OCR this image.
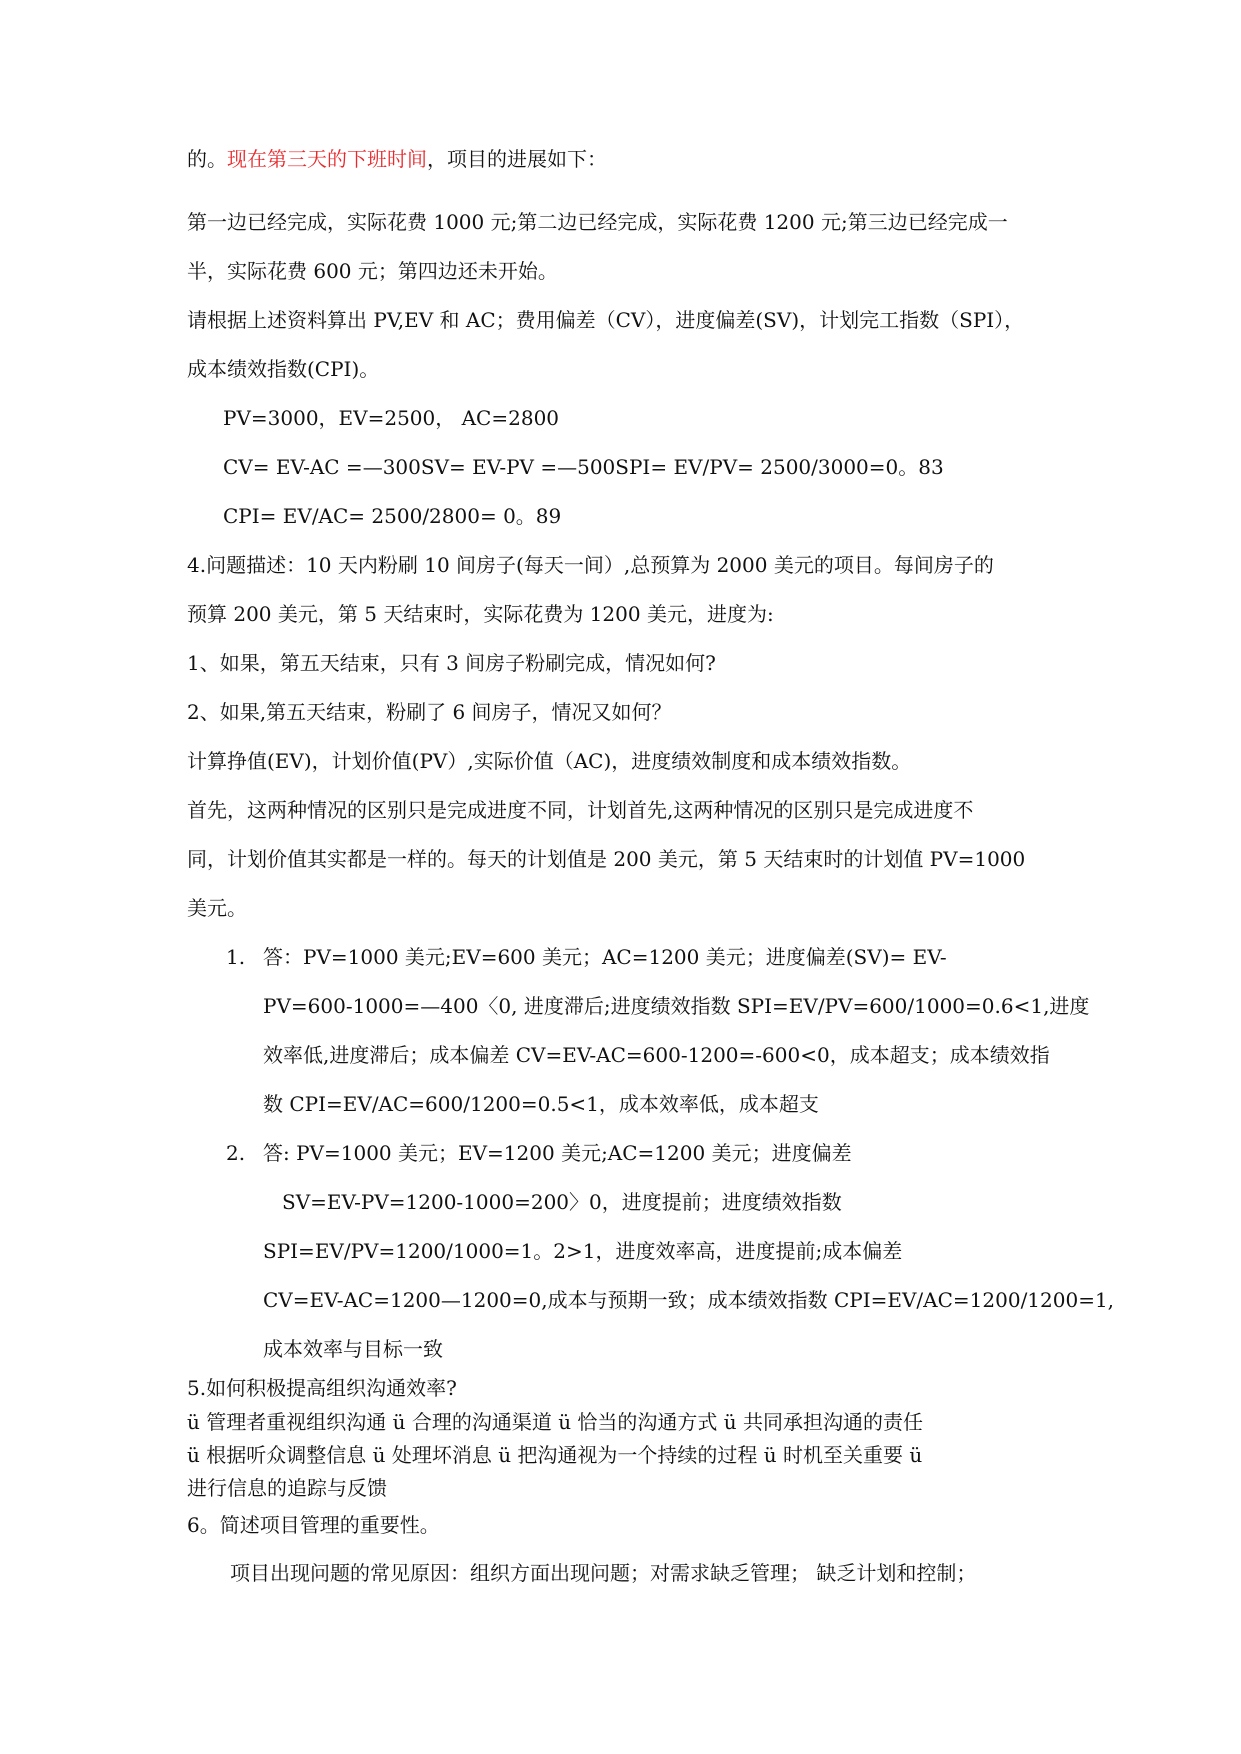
的。现在第三天的下班时间，项目的进展如下：
第一边已经完成，实际花费 1000 元;第二边已经完成，实际花费 1200 元;第三边已经完成一
半，实际花费 600 元；第四边还未开始。
请根据上述资料算出 PV,EV 和 AC；费用偏差（CV），进度偏差(SV)，计划完工指数（SPI），
成本绩效指数(CPI)。
PV=3000，EV=2500， AC=2800
CV= EV-AC =—300SV= EV-PV =—500SPI= EV/PV= 2500/3000=0。83
CPI= EV/AC= 2500/2800= 0。89
4.问题描述：10 天内粉刷 10 间房子(每天一间）,总预算为 2000 美元的项目。每间房子的
预算 200 美元，第 5 天结束时，实际花费为 1200 美元，进度为:
1、如果，第五天结束，只有 3 间房子粉刷完成，情况如何?
2、如果,第五天结束，粉刷了 6 间房子，情况又如何？
计算挣值(EV)，计划价值(PV）,实际价值（AC)，进度绩效制度和成本绩效指数。
首先，这两种情况的区别只是完成进度不同，计划首先,这两种情况的区别只是完成进度不
同，计划价值其实都是一样的。每天的计划值是 200 美元，第 5 天结束时的计划值 PV=1000
美元。
1. 答：PV=1000 美元;EV=600 美元；AC=1200 美元；进度偏差(SV)= EV-
PV=600-1000=—400〈0, 进度滞后;进度绩效指数 SPI=EV/PV=600/1000=0.6<1,进度
效率低,进度滞后；成本偏差 CV=EV-AC=600-1200=-600<0，成本超支；成本绩效指
数 CPI=EV/AC=600/1200=0.5<1，成本效率低，成本超支
2. 答: PV=1000 美元；EV=1200 美元;AC=1200 美元；进度偏差
SV=EV-PV=1200-1000=200〉0，进度提前；进度绩效指数
SPI=EV/PV=1200/1000=1。2>1，进度效率高，进度提前;成本偏差
CV=EV-AC=1200—1200=0,成本与预期一致；成本绩效指数 CPI=EV/AC=1200/1200=1,
成本效率与目标一致
5.如何积极提高组织沟通效率?
ü 管理者重视组织沟通 ü 合理的沟通渠道 ü 恰当的沟通方式 ü 共同承担沟通的责任
ü 根据听众调整信息 ü 处理坏消息 ü 把沟通视为一个持续的过程 ü 时机至关重要 ü
进行信息的追踪与反馈
6。简述项目管理的重要性。
项目出现问题的常见原因：组织方面出现问题；对需求缺乏管理； 缺乏计划和控制；
